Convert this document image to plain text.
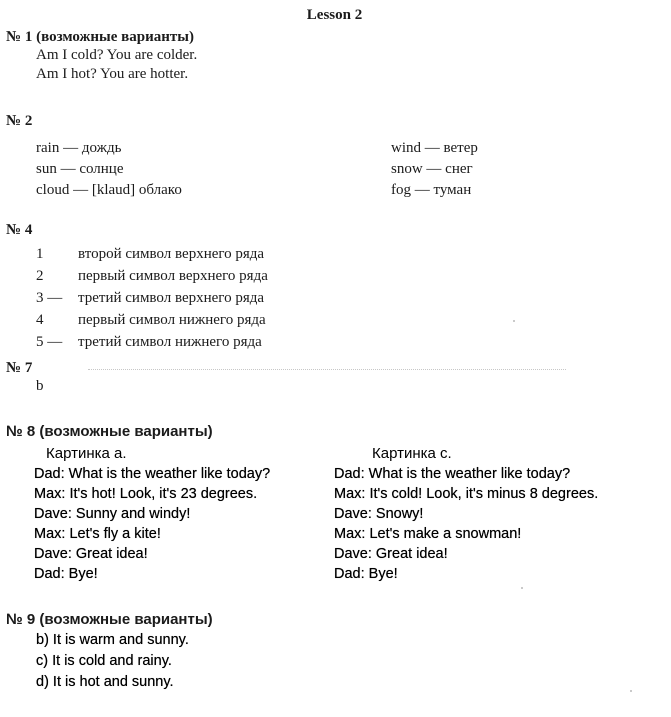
Lesson 2
№ 1 (возможные варианты)
Am I cold? You are colder.
Am I hot? You are hotter.
№ 2
rain — дождь
sun — солнце
cloud — [klaud] облако
wind — ветер
snow — снег
fog — туман
№ 4
1 второй символ верхнего ряда
2 первый символ верхнего ряда
3 — третий символ верхнего ряда
4 первый символ нижнего ряда
5 — третий символ нижнего ряда
№ 7
b
№ 8 (возможные варианты)
Картинка a.
Dad: What is the weather like today?
Max: It's hot! Look, it's 23 degrees.
Dave: Sunny and windy!
Max: Let's fly a kite!
Dave: Great idea!
Dad: Bye!
Картинка c.
Dad: What is the weather like today?
Max: It's cold! Look, it's minus 8 degrees.
Dave: Snowy!
Max: Let's make a snowman!
Dave: Great idea!
Dad: Bye!
№ 9 (возможные варианты)
b) It is warm and sunny.
c) It is cold and rainy.
d) It is hot and sunny.
